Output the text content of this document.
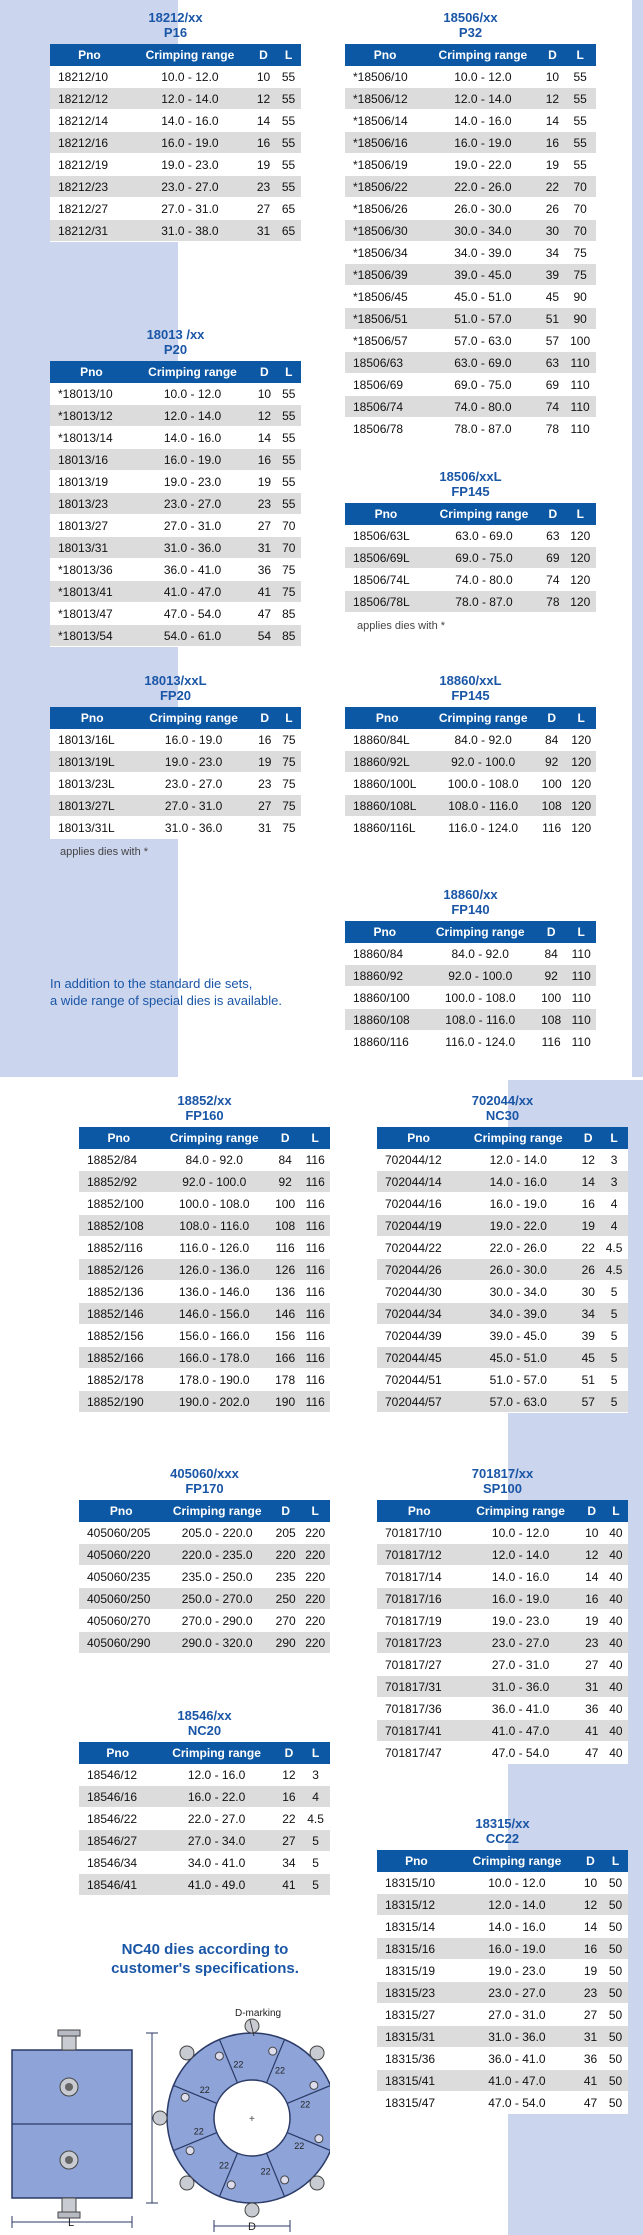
18212/xx
P16
Pno	Crimping range	D	L
18212/10	10.0 - 12.0	10	55
18212/12	12.0 - 14.0	12	55
18212/14	14.0 - 16.0	14	55
18212/16	16.0 - 19.0	16	55
18212/19	19.0 - 23.0	19	55
18212/23	23.0 - 27.0	23	55
18212/27	27.0 - 31.0	27	65
18212/31	31.0 - 38.0	31	65
18506/xx
P32
Pno	Crimping range	D	L
*18506/10	10.0 - 12.0	10	55
*18506/12	12.0 - 14.0	12	55
*18506/14	14.0 - 16.0	14	55
*18506/16	16.0 - 19.0	16	55
*18506/19	19.0 - 22.0	19	55
*18506/22	22.0 - 26.0	22	70
*18506/26	26.0 - 30.0	26	70
*18506/30	30.0 - 34.0	30	70
*18506/34	34.0 - 39.0	34	75
*18506/39	39.0 - 45.0	39	75
*18506/45	45.0 - 51.0	45	90
*18506/51	51.0 - 57.0	51	90
*18506/57	57.0 - 63.0	57	100
18506/63	63.0 - 69.0	63	110
18506/69	69.0 - 75.0	69	110
18506/74	74.0 - 80.0	74	110
18506/78	78.0 - 87.0	78	110
18013 /xx
P20
Pno	Crimping range	D	L
*18013/10	10.0 - 12.0	10	55
*18013/12	12.0 - 14.0	12	55
*18013/14	14.0 - 16.0	14	55
18013/16	16.0 - 19.0	16	55
18013/19	19.0 - 23.0	19	55
18013/23	23.0 - 27.0	23	55
18013/27	27.0 - 31.0	27	70
18013/31	31.0 - 36.0	31	70
*18013/36	36.0 - 41.0	36	75
*18013/41	41.0 - 47.0	41	75
*18013/47	47.0 - 54.0	47	85
*18013/54	54.0 - 61.0	54	85
18506/xxL
FP145
Pno	Crimping range	D	L
18506/63L	63.0 - 69.0	63	120
18506/69L	69.0 - 75.0	69	120
18506/74L	74.0 - 80.0	74	120
18506/78L	78.0 - 87.0	78	120
applies dies with *
18013/xxL
FP20
Pno	Crimping range	D	L
18013/16L	16.0 - 19.0	16	75
18013/19L	19.0 - 23.0	19	75
18013/23L	23.0 - 27.0	23	75
18013/27L	27.0 - 31.0	27	75
18013/31L	31.0 - 36.0	31	75
applies dies with *
18860/xxL
FP145
Pno	Crimping range	D	L
18860/84L	84.0 - 92.0	84	120
18860/92L	92.0 - 100.0	92	120
18860/100L	100.0 - 108.0	100	120
18860/108L	108.0 - 116.0	108	120
18860/116L	116.0 - 124.0	116	120
18860/xx
FP140
Pno	Crimping range	D	L
18860/84	84.0 - 92.0	84	110
18860/92	92.0 - 100.0	92	110
18860/100	100.0 - 108.0	100	110
18860/108	108.0 - 116.0	108	110
18860/116	116.0 - 124.0	116	110
In addition to the standard die sets,
a wide range of special dies is available.
18852/xx
FP160
Pno	Crimping range	D	L
18852/84	84.0 - 92.0	84	116
18852/92	92.0 - 100.0	92	116
18852/100	100.0 - 108.0	100	116
18852/108	108.0 - 116.0	108	116
18852/116	116.0 - 126.0	116	116
18852/126	126.0 - 136.0	126	116
18852/136	136.0 - 146.0	136	116
18852/146	146.0 - 156.0	146	116
18852/156	156.0 - 166.0	156	116
18852/166	166.0 - 178.0	166	116
18852/178	178.0 - 190.0	178	116
18852/190	190.0 - 202.0	190	116
702044/xx
NC30
Pno	Crimping range	D	L
702044/12	12.0 - 14.0	12	3
702044/14	14.0 - 16.0	14	3
702044/16	16.0 - 19.0	16	4
702044/19	19.0 - 22.0	19	4
702044/22	22.0 - 26.0	22	4.5
702044/26	26.0 - 30.0	26	4.5
702044/30	30.0 - 34.0	30	5
702044/34	34.0 - 39.0	34	5
702044/39	39.0 - 45.0	39	5
702044/45	45.0 - 51.0	45	5
702044/51	51.0 - 57.0	51	5
702044/57	57.0 - 63.0	57	5
405060/xxx
FP170
Pno	Crimping range	D	L
405060/205	205.0 - 220.0	205	220
405060/220	220.0 - 235.0	220	220
405060/235	235.0 - 250.0	235	220
405060/250	250.0 - 270.0	250	220
405060/270	270.0 - 290.0	270	220
405060/290	290.0 - 320.0	290	220
701817/xx
SP100
Pno	Crimping range	D	L
701817/10	10.0 - 12.0	10	40
701817/12	12.0 - 14.0	12	40
701817/14	14.0 - 16.0	14	40
701817/16	16.0 - 19.0	16	40
701817/19	19.0 - 23.0	19	40
701817/23	23.0 - 27.0	23	40
701817/27	27.0 - 31.0	27	40
701817/31	31.0 - 36.0	31	40
701817/36	36.0 - 41.0	36	40
701817/41	41.0 - 47.0	41	40
701817/47	47.0 - 54.0	47	40
18546/xx
NC20
Pno	Crimping range	D	L
18546/12	12.0 - 16.0	12	3
18546/16	16.0 - 22.0	16	4
18546/22	22.0 - 27.0	22	4.5
18546/27	27.0 - 34.0	27	5
18546/34	34.0 - 41.0	34	5
18546/41	41.0 - 49.0	41	5
18315/xx
CC22
Pno	Crimping range	D	L
18315/10	10.0 - 12.0	10	50
18315/12	12.0 - 14.0	12	50
18315/14	14.0 - 16.0	14	50
18315/16	16.0 - 19.0	16	50
18315/19	19.0 - 23.0	19	50
18315/23	23.0 - 27.0	23	50
18315/27	27.0 - 31.0	27	50
18315/31	31.0 - 36.0	31	50
18315/36	36.0 - 41.0	36	50
18315/41	41.0 - 47.0	41	50
18315/47	47.0 - 54.0	47	50
NC40 dies according to
customer's specifications.
L
22
22
22
22
22
22
22
22
+
D
D-marking
